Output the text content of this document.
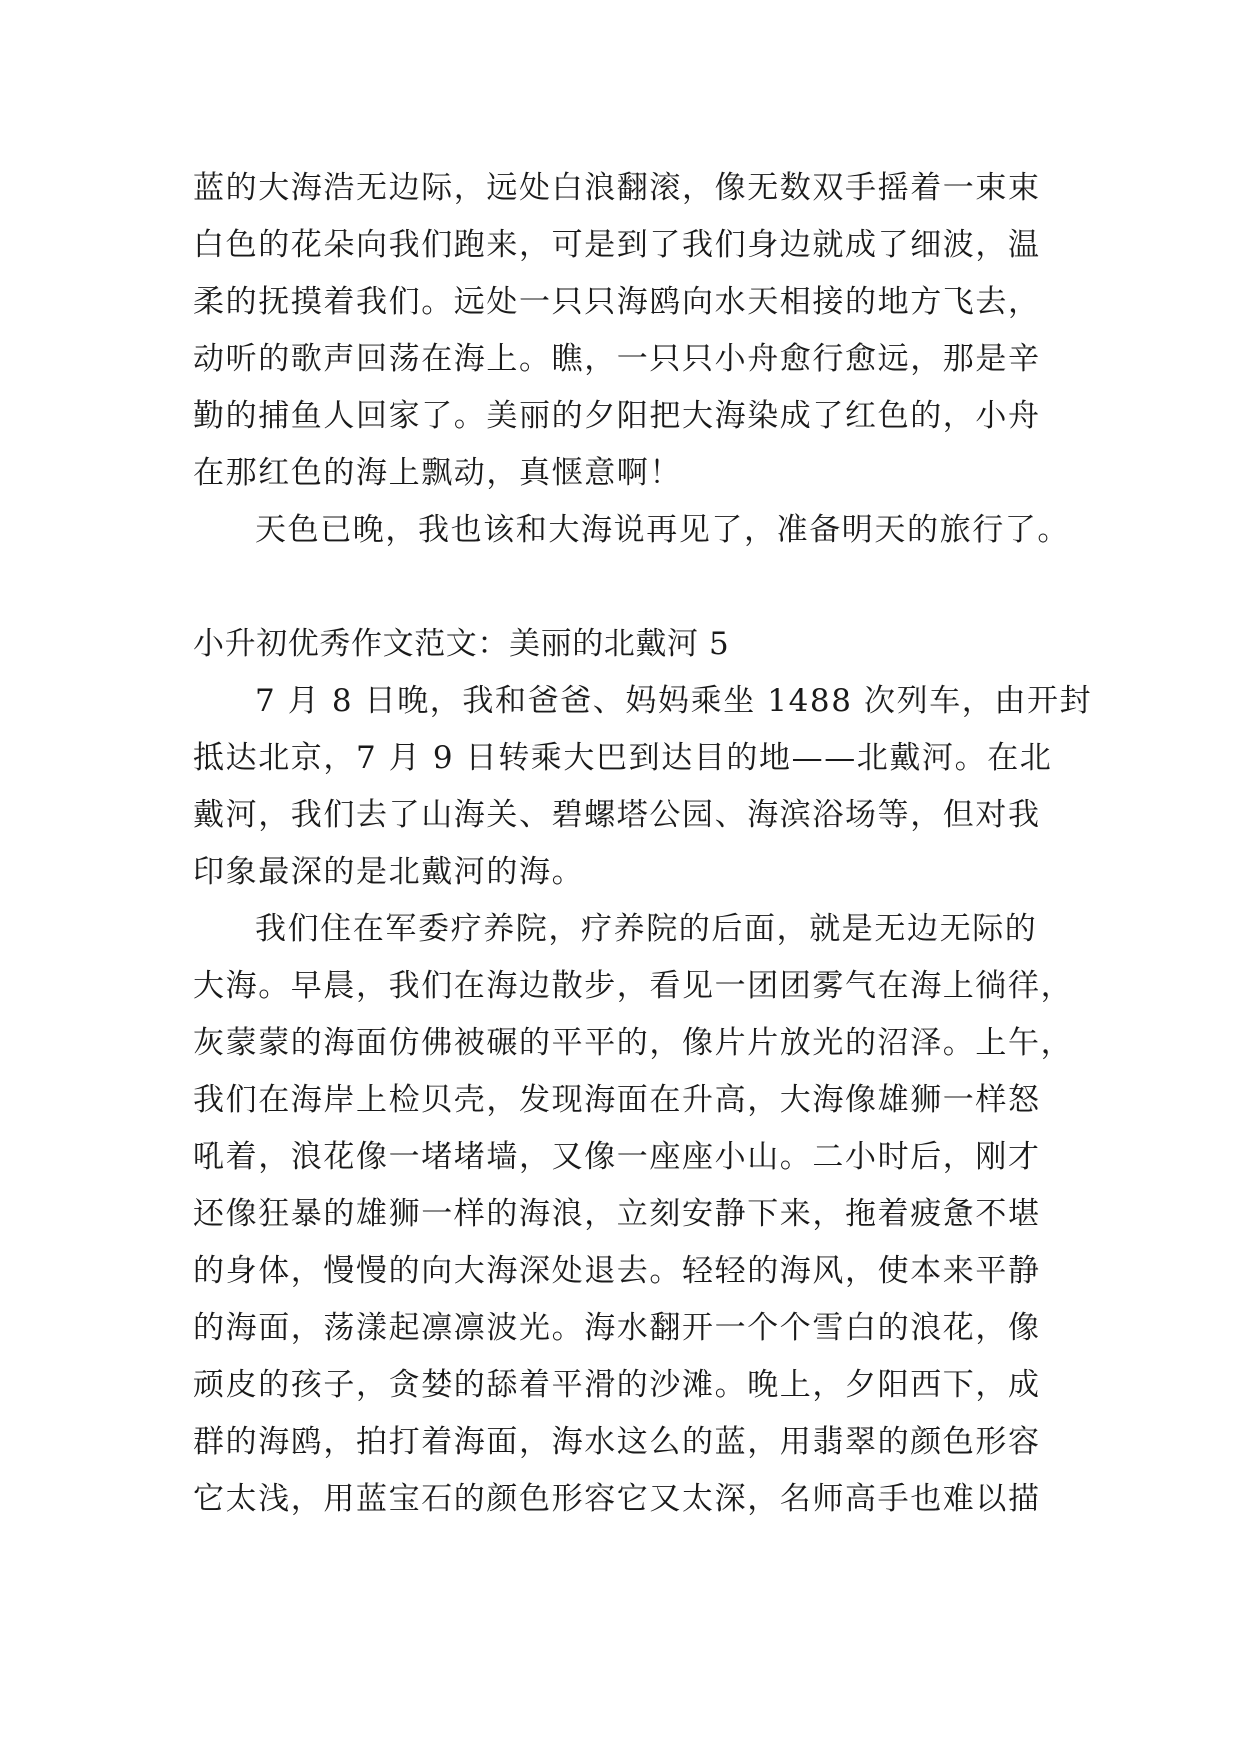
蓝的大海浩无边际，远处白浪翻滚，像无数双手摇着一束束
白色的花朵向我们跑来，可是到了我们身边就成了细波，温
柔的抚摸着我们。远处一只只海鸥向水天相接的地方飞去，
动听的歌声回荡在海上。瞧，一只只小舟愈行愈远，那是辛
勤的捕鱼人回家了。美丽的夕阳把大海染成了红色的，小舟
在那红色的海上飘动，真惬意啊！
天色已晚，我也该和大海说再见了，准备明天的旅行了。
小升初优秀作文范文：美丽的北戴河 5
7 月 8 日晚，我和爸爸、妈妈乘坐 1488 次列车，由开封
抵达北京，7 月 9 日转乘大巴到达目的地——北戴河。在北
戴河，我们去了山海关、碧螺塔公园、海滨浴场等，但对我
印象最深的是北戴河的海。
我们住在军委疗养院，疗养院的后面，就是无边无际的
大海。早晨，我们在海边散步，看见一团团雾气在海上徜徉，
灰蒙蒙的海面仿佛被碾的平平的，像片片放光的沼泽。上午，
我们在海岸上检贝壳，发现海面在升高，大海像雄狮一样怒
吼着，浪花像一堵堵墙，又像一座座小山。二小时后，刚才
还像狂暴的雄狮一样的海浪，立刻安静下来，拖着疲惫不堪
的身体，慢慢的向大海深处退去。轻轻的海风，使本来平静
的海面，荡漾起凛凛波光。海水翻开一个个雪白的浪花，像
顽皮的孩子，贪婪的舔着平滑的沙滩。晚上，夕阳西下，成
群的海鸥，拍打着海面，海水这么的蓝，用翡翠的颜色形容
它太浅，用蓝宝石的颜色形容它又太深，名师高手也难以描
